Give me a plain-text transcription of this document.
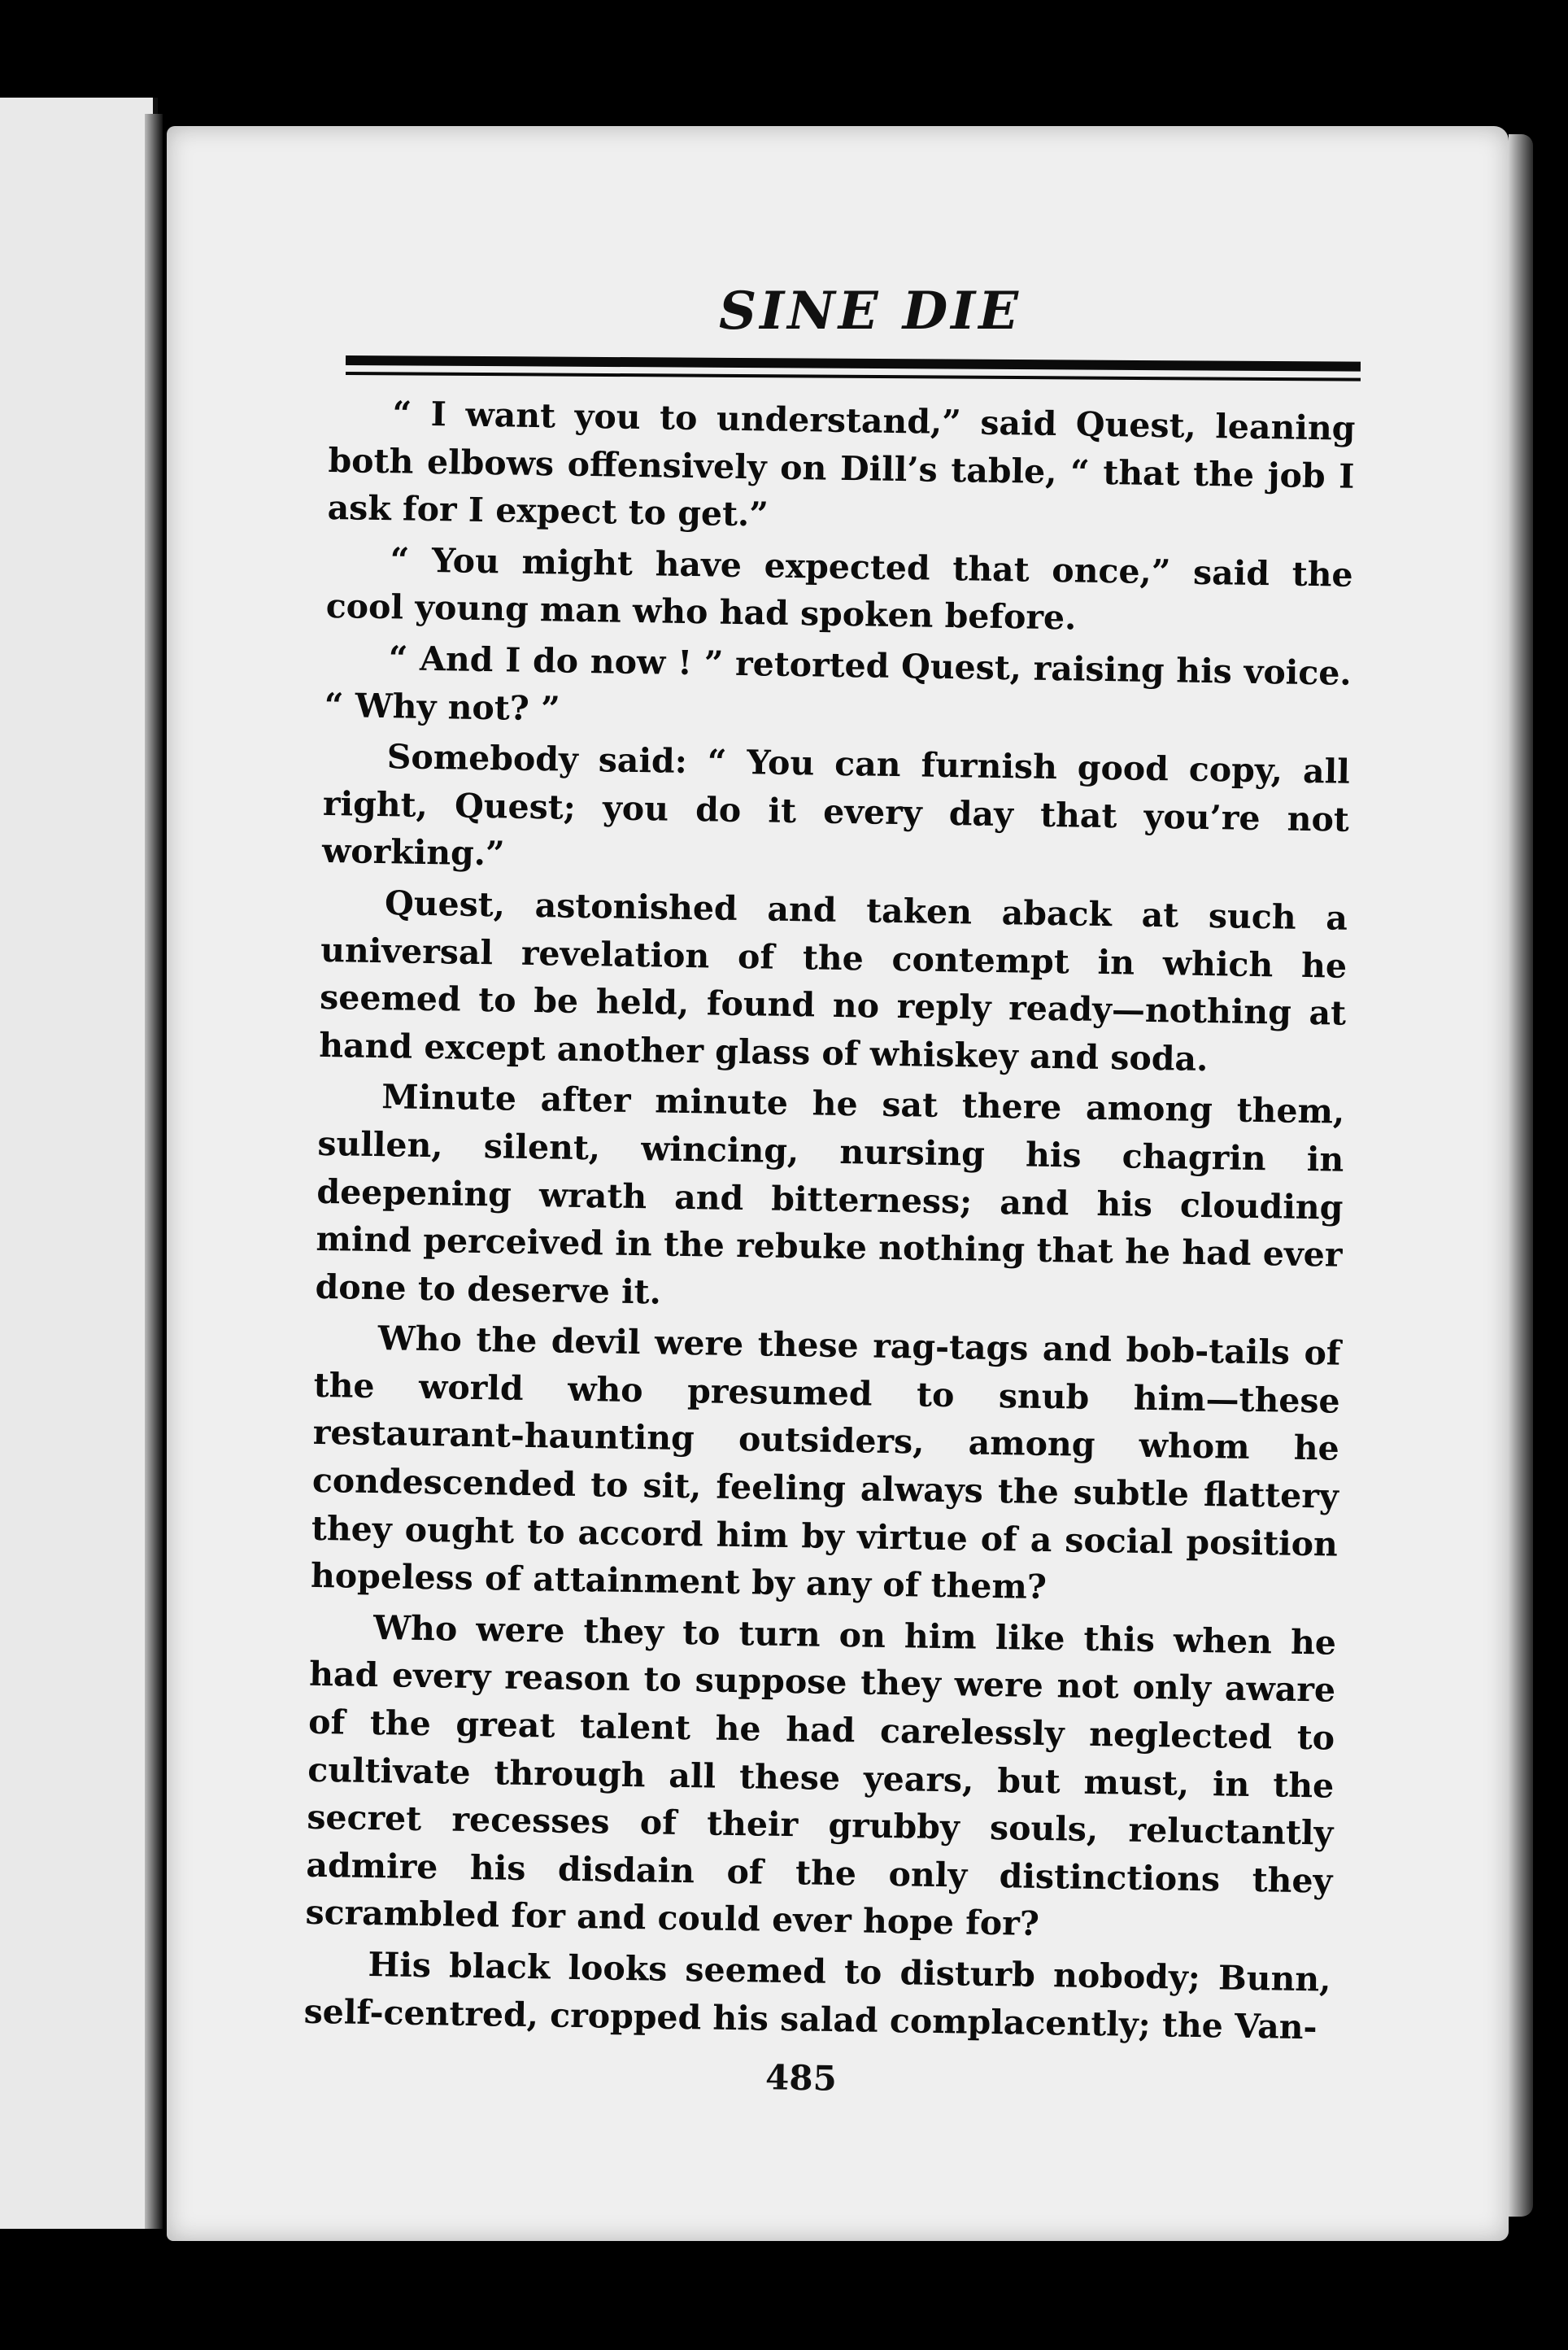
SINE DIE

“ I want you to understand,” said Quest, leaning both elbows offensively on Dill’s table, “ that the job I ask for I expect to get.”

“ You might have expected that once,” said the cool young man who had spoken before.

“ And I do now ! ” retorted Quest, raising his voice. “ Why not? ”

Somebody said: “ You can furnish good copy, all right, Quest; you do it every day that you’re not working.”

Quest, astonished and taken aback at such a universal revelation of the contempt in which he seemed to be held, found no reply ready—nothing at hand except another glass of whiskey and soda.

Minute after minute he sat there among them, sullen, silent, wincing, nursing his chagrin in deepening wrath and bitterness; and his clouding mind perceived in the rebuke nothing that he had ever done to deserve it.

Who the devil were these rag-tags and bob-tails of the world who presumed to snub him—these restaurant-haunting outsiders, among whom he condescended to sit, feeling always the subtle flattery they ought to accord him by virtue of a social position hopeless of attainment by any of them?

Who were they to turn on him like this when he had every reason to suppose they were not only aware of the great talent he had carelessly neglected to cultivate through all these years, but must, in the secret recesses of their grubby souls, reluctantly admire his disdain of the only distinctions they scrambled for and could ever hope for?

His black looks seemed to disturb nobody; Bunn, self-centred, cropped his salad complacently; the Van-

485
